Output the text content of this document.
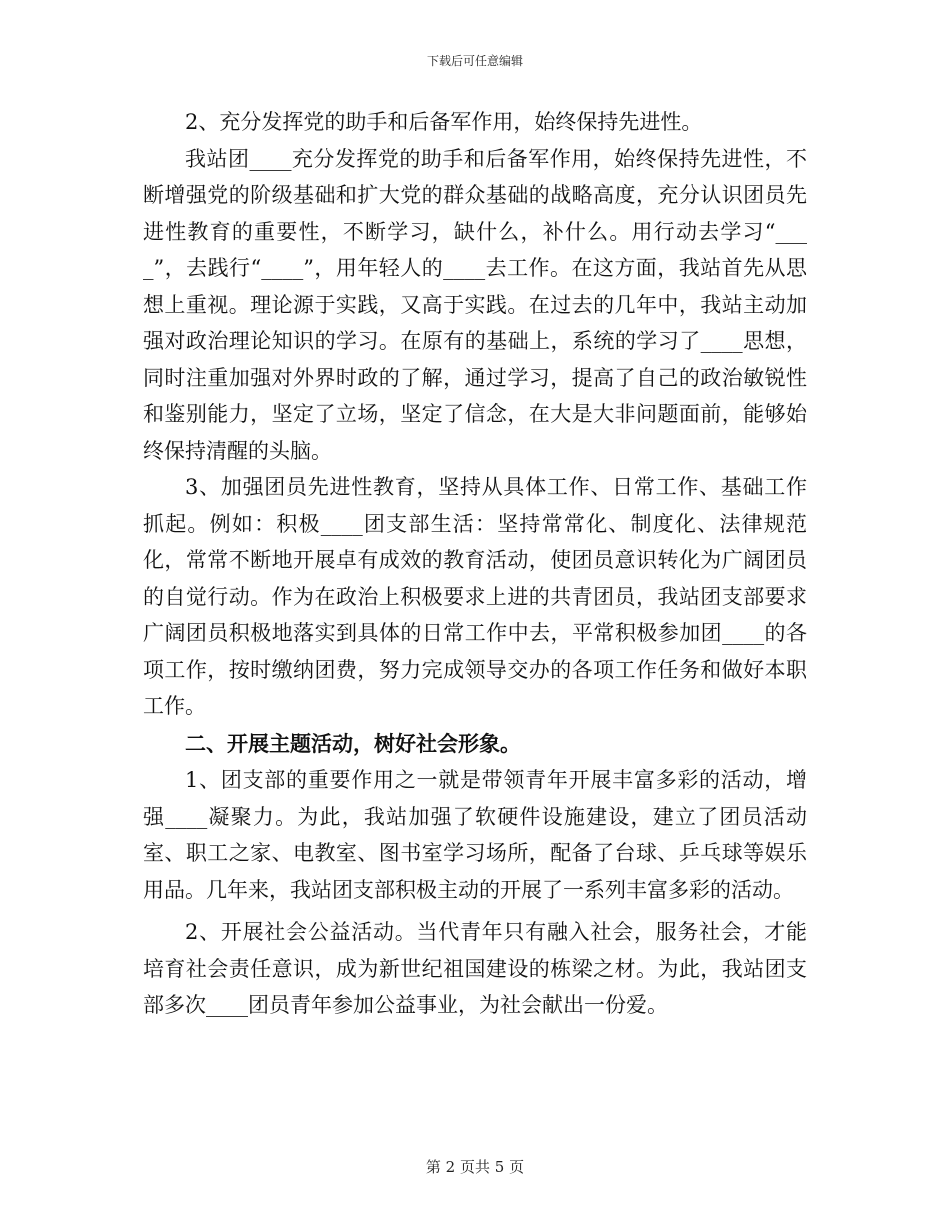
下载后可任意编辑

2、充分发挥党的助手和后备军作用，始终保持先进性。

我站团____充分发挥党的助手和后备军作用，始终保持先进性，不断增强党的阶级基础和扩大党的群众基础的战略高度，充分认识团员先进性教育的重要性，不断学习，缺什么，补什么。用行动去学习“____”，去践行“____”，用年轻人的____去工作。在这方面，我站首先从思想上重视。理论源于实践，又高于实践。在过去的几年中，我站主动加强对政治理论知识的学习。在原有的基础上，系统的学习了____思想，同时注重加强对外界时政的了解，通过学习，提高了自己的政治敏锐性和鉴别能力，坚定了立场，坚定了信念，在大是大非问题面前，能够始终保持清醒的头脑。

3、加强团员先进性教育，坚持从具体工作、日常工作、基础工作抓起。例如：积极____团支部生活：坚持常常化、制度化、法律规范化，常常不断地开展卓有成效的教育活动，使团员意识转化为广阔团员的自觉行动。作为在政治上积极要求上进的共青团员，我站团支部要求广阔团员积极地落实到具体的日常工作中去，平常积极参加团____的各项工作，按时缴纳团费，努力完成领导交办的各项工作任务和做好本职工作。

二、开展主题活动，树好社会形象。

1、团支部的重要作用之一就是带领青年开展丰富多彩的活动，增强____凝聚力。为此，我站加强了软硬件设施建设，建立了团员活动室、职工之家、电教室、图书室学习场所，配备了台球、乒乓球等娱乐用品。几年来，我站团支部积极主动的开展了一系列丰富多彩的活动。

2、开展社会公益活动。当代青年只有融入社会，服务社会，才能培育社会责任意识，成为新世纪祖国建设的栋梁之材。为此，我站团支部多次____团员青年参加公益事业，为社会献出一份爱。

第 2 页共 5 页
